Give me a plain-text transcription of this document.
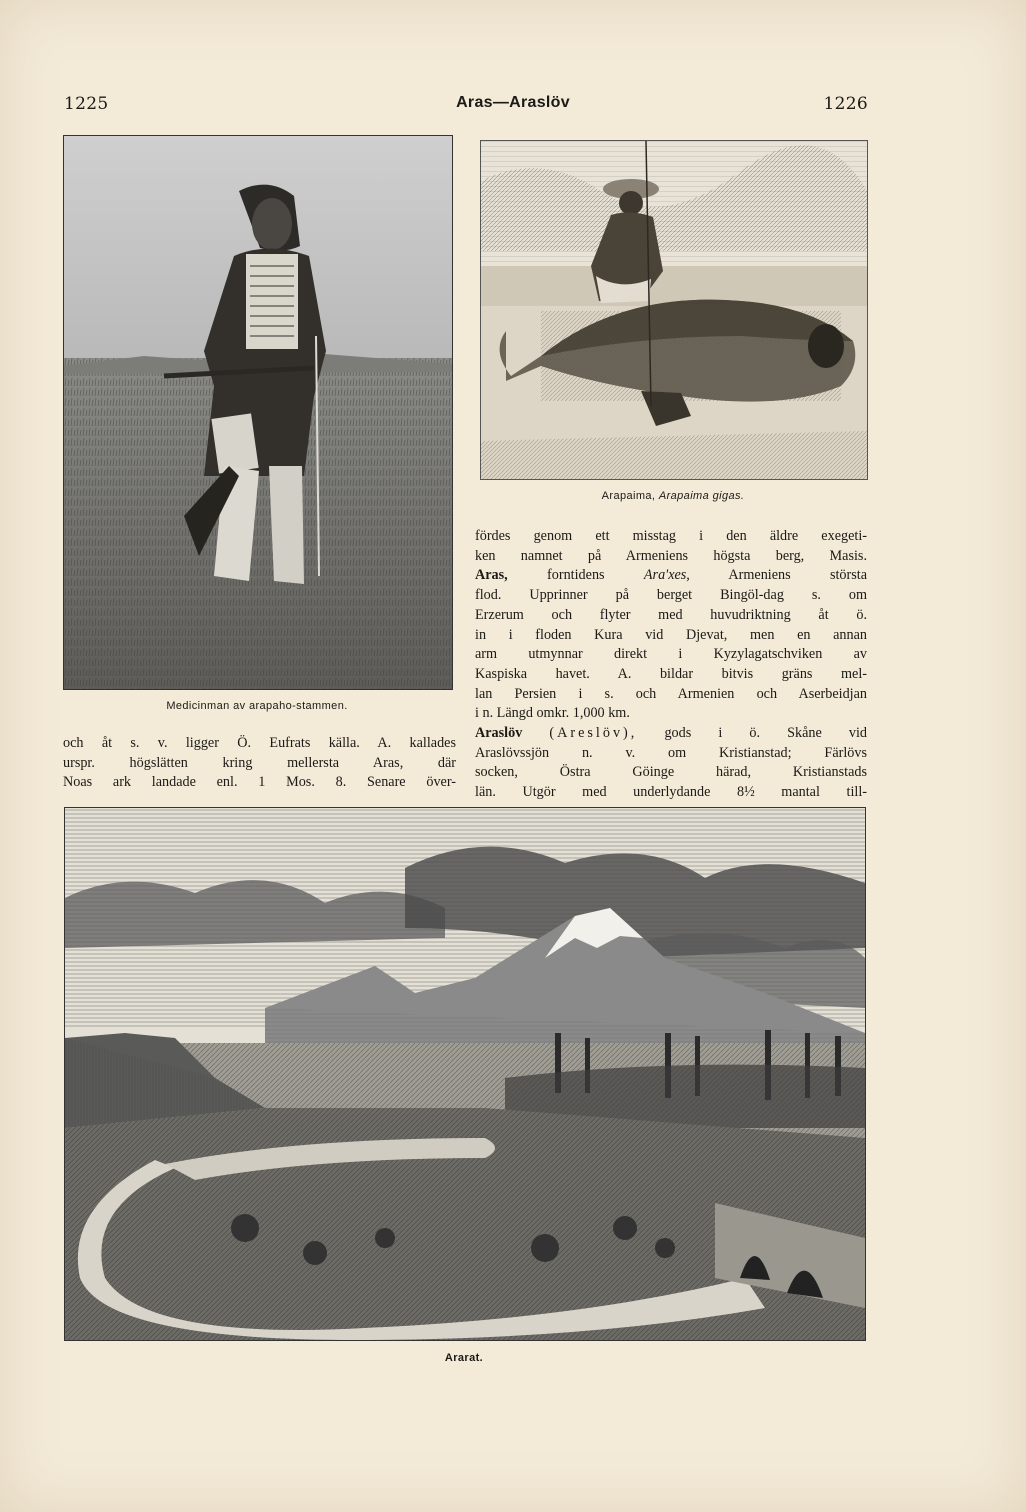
1225	Aras—Araslöv	1226
Medicinman av arapaho-stammen.
Arapaima, Arapaima gigas.
och åt s. v. ligger Ö. Eufrats källa. A. kallades
urspr. högslätten kring mellersta Aras, där
Noas ark landade enl. 1 Mos. 8. Senare över-
fördes genom ett misstag i den äldre exegeti-
ken namnet på Armeniens högsta berg, Masis.
Aras,	forntidens	Ara'xes,	Armeniens största
flod. Upprinner på berget Bingöl-dag s. om
Erzerum och flyter med huvudriktning åt ö.
in i floden Kura vid Djevat, men en annan
arm utmynnar direkt i Kyzylagatschviken av
Kaspiska havet. A. bildar bitvis gräns mel-
lan Persien i s. och Armenien och Aserbeidjan
i n. Längd omkr. 1,000 km.
Araslöv (Areslöv), gods i ö. Skåne vid
Araslövssjön n. v. om Kristianstad; Färlövs
socken, Östra Göinge härad, Kristianstads
län. Utgör med underlydande 8½ mantal till-
Ararat.
